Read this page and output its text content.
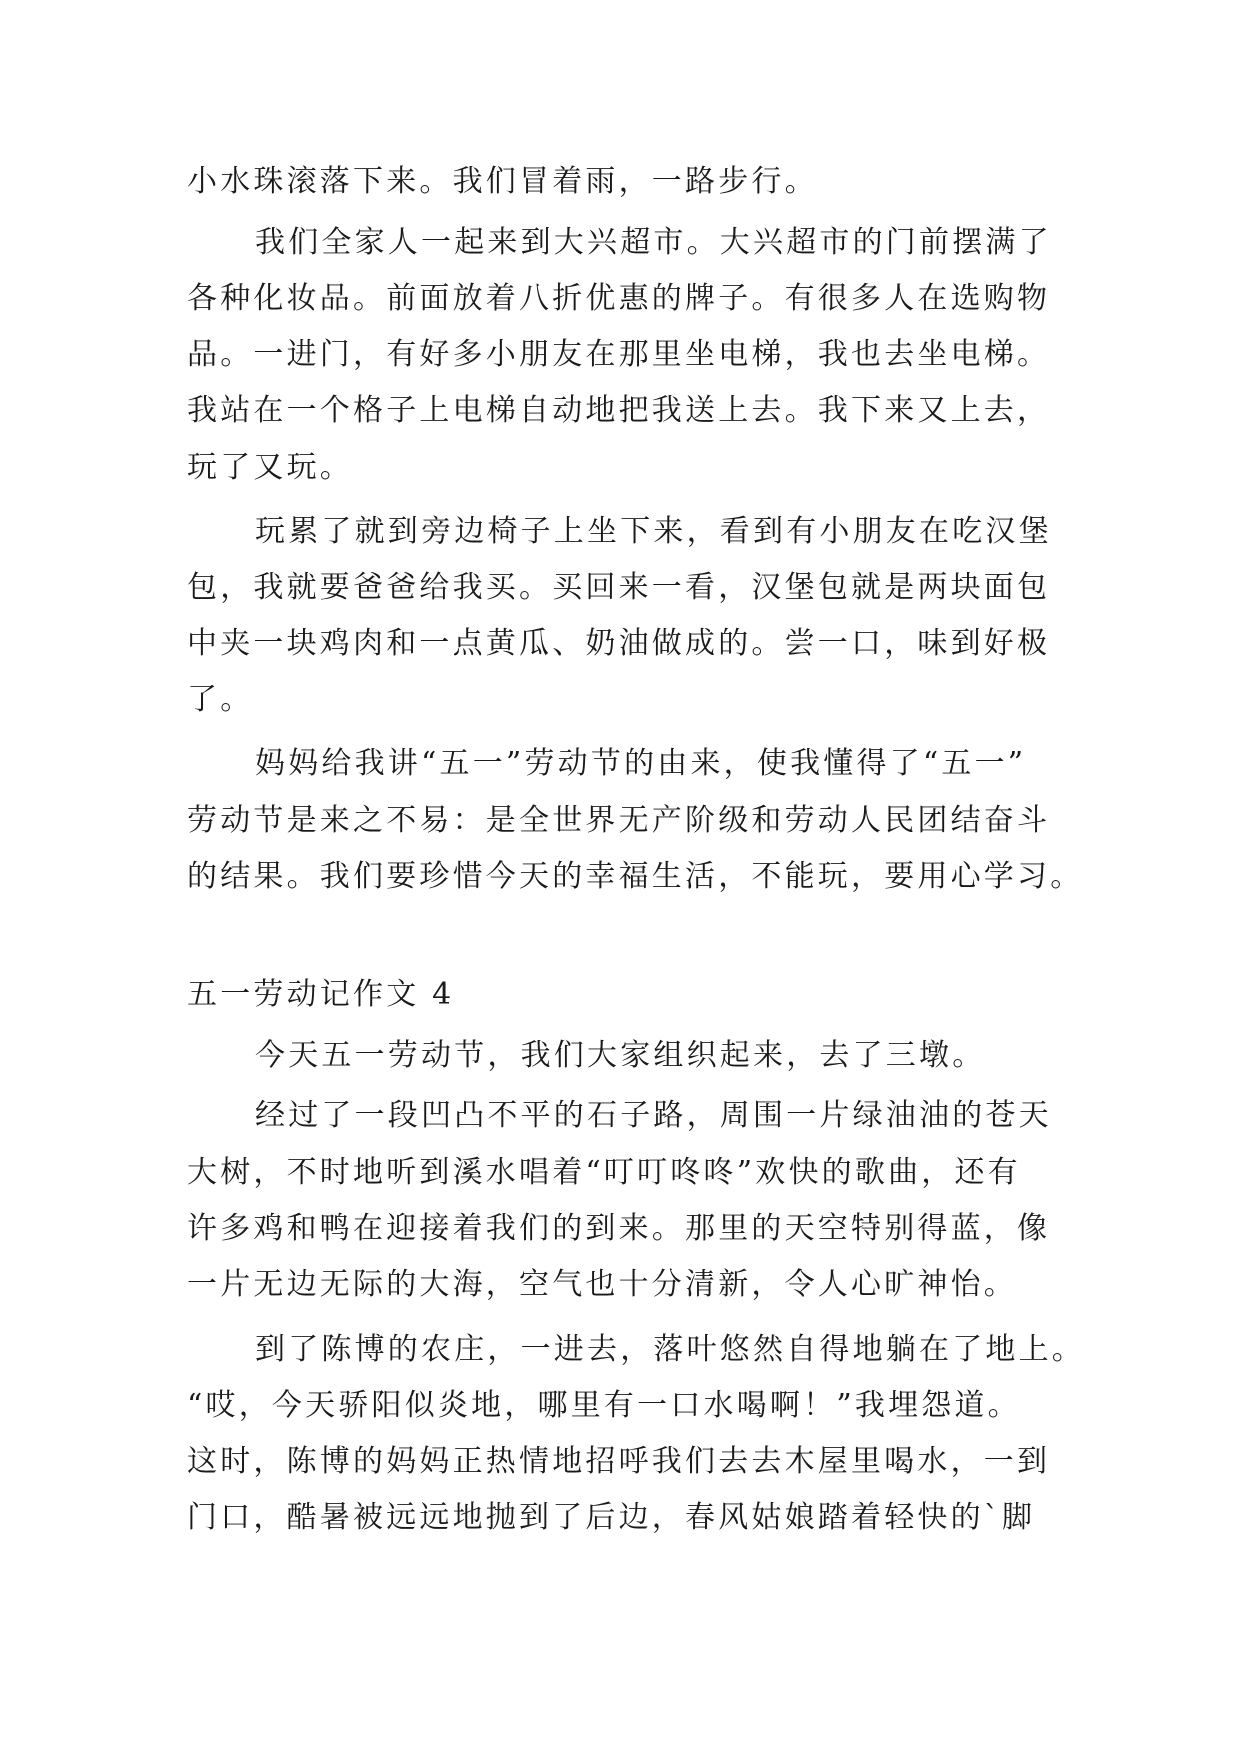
小水珠滚落下来。我们冒着雨，一路步行。
我们全家人一起来到大兴超市。大兴超市的门前摆满了
各种化妆品。前面放着八折优惠的牌子。有很多人在选购物
品。一进门，有好多小朋友在那里坐电梯，我也去坐电梯。
我站在一个格子上电梯自动地把我送上去。我下来又上去，
玩了又玩。
玩累了就到旁边椅子上坐下来，看到有小朋友在吃汉堡
包，我就要爸爸给我买。买回来一看，汉堡包就是两块面包
中夹一块鸡肉和一点黄瓜、奶油做成的。尝一口，味到好极
了。
妈妈给我讲“五一”劳动节的由来，使我懂得了“五一”
劳动节是来之不易：是全世界无产阶级和劳动人民团结奋斗
的结果。我们要珍惜今天的幸福生活，不能玩，要用心学习。
五一劳动记作文 4
今天五一劳动节，我们大家组织起来，去了三墩。
经过了一段凹凸不平的石子路，周围一片绿油油的苍天
大树，不时地听到溪水唱着“叮叮咚咚”欢快的歌曲，还有
许多鸡和鸭在迎接着我们的到来。那里的天空特别得蓝，像
一片无边无际的大海，空气也十分清新，令人心旷神怡。
到了陈博的农庄，一进去，落叶悠然自得地躺在了地上。
“哎，今天骄阳似炎地，哪里有一口水喝啊！”我埋怨道。
这时，陈博的妈妈正热情地招呼我们去去木屋里喝水，一到
门口，酷暑被远远地抛到了后边，春风姑娘踏着轻快的`脚
